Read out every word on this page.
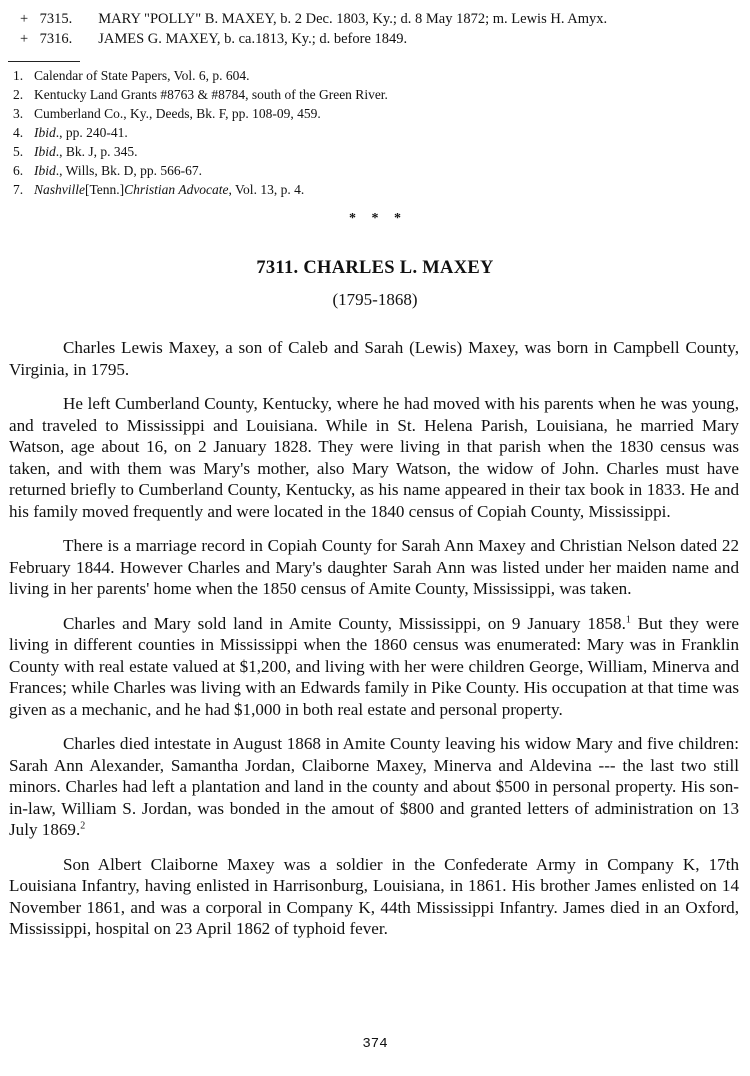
+ 7315. MARY "POLLY" B. MAXEY, b. 2 Dec. 1803, Ky.; d. 8 May 1872; m. Lewis H. Amyx.
+ 7316. JAMES G. MAXEY, b. ca.1813, Ky.; d. before 1849.
1. Calendar of State Papers, Vol. 6, p. 604.
2. Kentucky Land Grants #8763 & #8784, south of the Green River.
3. Cumberland Co., Ky., Deeds, Bk. F, pp. 108-09, 459.
4. Ibid., pp. 240-41.
5. Ibid., Bk. J, p. 345.
6. Ibid., Wills, Bk. D, pp. 566-67.
7. Nashville[Tenn.]Christian Advocate, Vol. 13, p. 4.
* * *
7311. CHARLES L. MAXEY
(1795-1868)

Charles Lewis Maxey, a son of Caleb and Sarah (Lewis) Maxey, was born in Campbell County, Virginia, in 1795.

He left Cumberland County, Kentucky, where he had moved with his parents when he was young, and traveled to Mississippi and Louisiana. While in St. Helena Parish, Louisiana, he married Mary Watson, age about 16, on 2 January 1828. They were living in that parish when the 1830 census was taken, and with them was Mary's mother, also Mary Watson, the widow of John. Charles must have returned briefly to Cumberland County, Kentucky, as his name appeared in their tax book in 1833. He and his family moved frequently and were located in the 1840 census of Copiah County, Mississippi.

There is a marriage record in Copiah County for Sarah Ann Maxey and Christian Nelson dated 22 February 1844. However Charles and Mary's daughter Sarah Ann was listed under her maiden name and living in her parents' home when the 1850 census of Amite County, Mississippi, was taken.

Charles and Mary sold land in Amite County, Mississippi, on 9 January 1858.$^1$ But they were living in different counties in Mississippi when the 1860 census was enumerated: Mary was in Franklin County with real estate valued at $1,200, and living with her were children George, William, Minerva and Frances; while Charles was living with an Edwards family in Pike County. His occupation at that time was given as a mechanic, and he had $1,000 in both real estate and personal property.

Charles died intestate in August 1868 in Amite County leaving his widow Mary and five children: Sarah Ann Alexander, Samantha Jordan, Claiborne Maxey, Minerva and Aldevina --- the last two still minors. Charles had left a plantation and land in the county and about $500 in personal property. His son-in-law, William S. Jordan, was bonded in the amout of $800 and granted letters of administration on 13 July 1869.$^2$

Son Albert Claiborne Maxey was a soldier in the Confederate Army in Company K, 17th Louisiana Infantry, having enlisted in Harrisonburg, Louisiana, in 1861. His brother James enlisted on 14 November 1861, and was a corporal in Company K, 44th Mississippi Infantry. James died in an Oxford, Mississippi, hospital on 23 April 1862 of typhoid fever.

374
